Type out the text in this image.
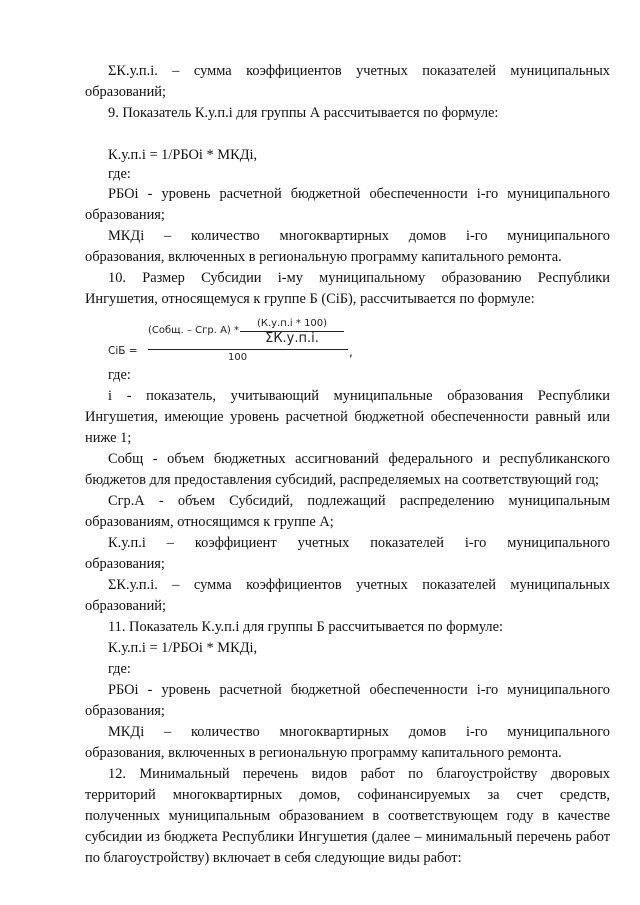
ΣК.у.п.i. – сумма коэффициентов учетных показателей муниципальных
образований;
9. Показатель К.у.п.i для группы А рассчитывается по формуле:
К.у.п.i = 1/РБОi * МКДi,
где:
РБОi - уровень расчетной бюджетной обеспеченности i-го муниципального
образования;
МКДi – количество многоквартирных домов i-го муниципального
образования, включенных в региональную программу капитального ремонта.
10. Размер Субсидии i-му муниципальному образованию Республики
Ингушетия, относящемуся к группе Б (СiБ), рассчитывается по формуле:
СiБ =
(Собщ. – Сгр. А) *
(К.у.п.i * 100)
ΣК.у.п.i.
100	,
где:
i - показатель, учитывающий муниципальные образования Республики
Ингушетия, имеющие уровень расчетной бюджетной обеспеченности равный или
ниже 1;
Собщ - объем бюджетных ассигнований федерального и республиканского
бюджетов для предоставления субсидий, распределяемых на соответствующий год;
Сгр.А - объем Субсидий, подлежащий распределению муниципальным
образованиям, относящимся к группе А;
К.у.п.i – коэффициент учетных показателей i-го муниципального
образования;
ΣК.у.п.i. – сумма коэффициентов учетных показателей муниципальных
образований;
11. Показатель К.у.п.i для группы Б рассчитывается по формуле:
К.у.п.i = 1/РБОi * МКДi,
где:
РБОi - уровень расчетной бюджетной обеспеченности i-го муниципального
образования;
МКДi – количество многоквартирных домов i-го муниципального
образования, включенных в региональную программу капитального ремонта.
12. Минимальный перечень видов работ по благоустройству дворовых
территорий многоквартирных домов, софинансируемых за счет средств,
полученных муниципальным образованием в соответствующем году в качестве
субсидии из бюджета Республики Ингушетия (далее – минимальный перечень работ
по благоустройству) включает в себя следующие виды работ:
